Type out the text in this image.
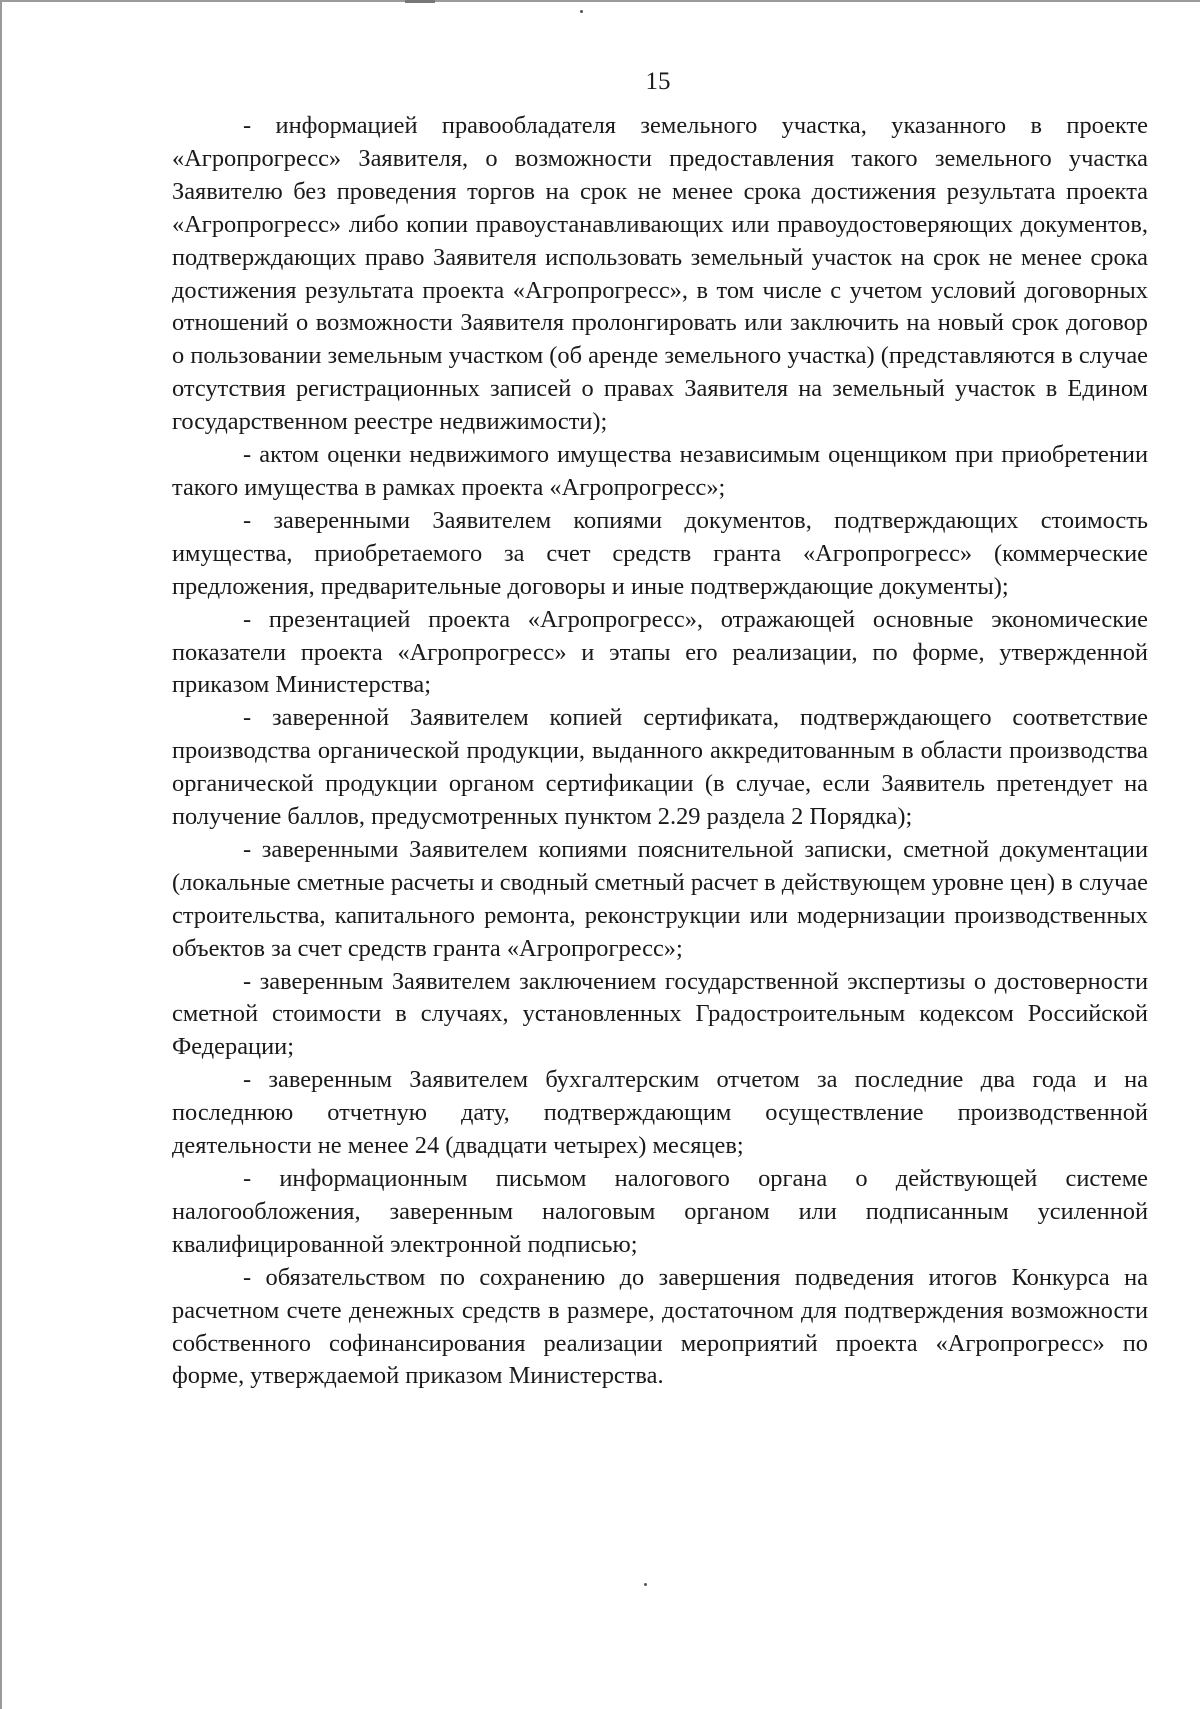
15

- информацией правообладателя земельного участка, указанного в проекте «Агропрогресс» Заявителя, о возможности предоставления такого земельного участка Заявителю без проведения торгов на срок не менее срока достижения результата проекта «Агропрогресс» либо копии правоустанавливающих или правоудостоверяющих документов, подтверждающих право Заявителя использовать земельный участок на срок не менее срока достижения результата проекта «Агропрогресс», в том числе с учетом условий договорных отношений о возможности Заявителя пролонгировать или заключить на новый срок договор о пользовании земельным участком (об аренде земельного участка) (представляются в случае отсутствия регистрационных записей о правах Заявителя на земельный участок в Едином государственном реестре недвижимости);

- актом оценки недвижимого имущества независимым оценщиком при приобретении такого имущества в рамках проекта «Агропрогресс»;

- заверенными Заявителем копиями документов, подтверждающих стоимость имущества, приобретаемого за счет средств гранта «Агропрогресс» (коммерческие предложения, предварительные договоры и иные подтверждающие документы);

- презентацией проекта «Агропрогресс», отражающей основные экономические показатели проекта «Агропрогресс» и этапы его реализации, по форме, утвержденной приказом Министерства;

- заверенной Заявителем копией сертификата, подтверждающего соответствие производства органической продукции, выданного аккредитованным в области производства органической продукции органом сертификации (в случае, если Заявитель претендует на получение баллов, предусмотренных пунктом 2.29 раздела 2 Порядка);

- заверенными Заявителем копиями пояснительной записки, сметной документации (локальные сметные расчеты и сводный сметный расчет в действующем уровне цен) в случае строительства, капитального ремонта, реконструкции или модернизации производственных объектов за счет средств гранта «Агропрогресс»;

- заверенным Заявителем заключением государственной экспертизы о достоверности сметной стоимости в случаях, установленных Градостроительным кодексом Российской Федерации;

- заверенным Заявителем бухгалтерским отчетом за последние два года и на последнюю отчетную дату, подтверждающим осуществление производственной деятельности не менее 24 (двадцати четырех) месяцев;

- информационным письмом налогового органа о действующей системе налогообложения, заверенным налоговым органом или подписанным усиленной квалифицированной электронной подписью;

- обязательством по сохранению до завершения подведения итогов Конкурса на расчетном счете денежных средств в размере, достаточном для подтверждения возможности собственного софинансирования реализации мероприятий проекта «Агропрогресс» по форме, утверждаемой приказом Министерства.
